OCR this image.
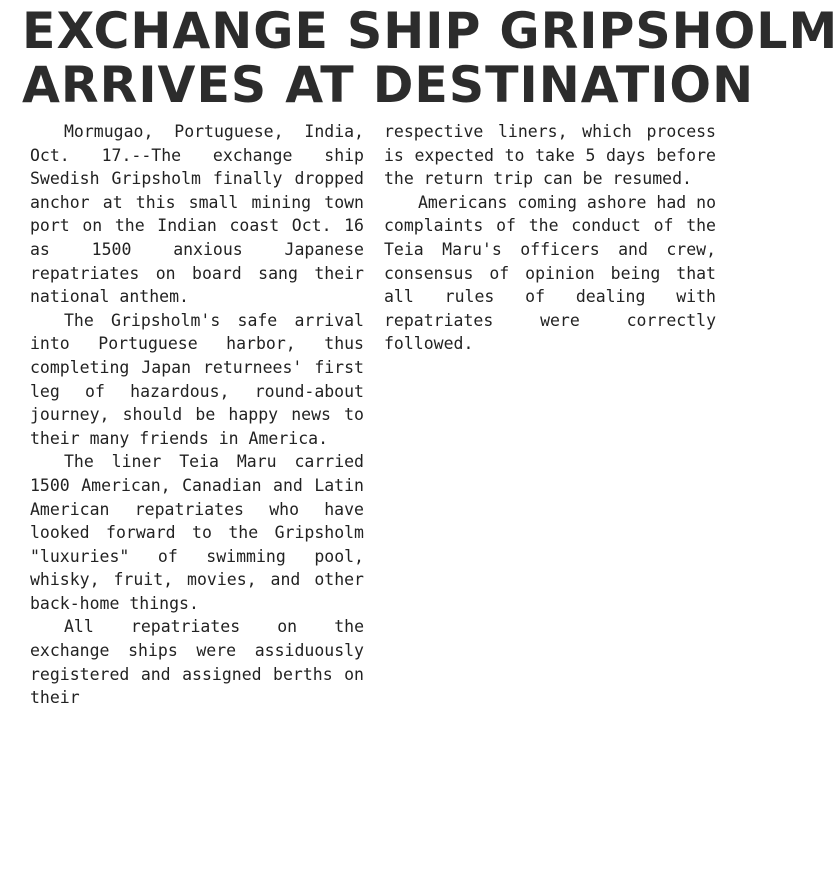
EXCHANGE SHIP GRIPSHOLM
ARRIVES AT DESTINATION

Mormugao, Portuguese, India, Oct. 17.--The exchange ship Swedish Gripsholm finally dropped anchor at this small mining town port on the Indian coast Oct. 16 as 1500 anxious Japanese repatriates on board sang their national anthem.

The Gripsholm's safe arrival into Portuguese harbor, thus completing Japan returnees' first leg of hazardous, round-about journey, should be happy news to their many friends in America.

The liner Teia Maru carried 1500 American, Canadian and Latin American repatriates who have looked forward to the Gripsholm "luxuries" of swimming pool, whisky, fruit, movies, and other back-home things.

All repatriates on the exchange ships were assiduously registered and assigned berths on their

respective liners, which process is expected to take 5 days before the return trip can be resumed.

Americans coming ashore had no complaints of the conduct of the Teia Maru's officers and crew, consensus of opinion being that all rules of dealing with repatriates were correctly followed.
